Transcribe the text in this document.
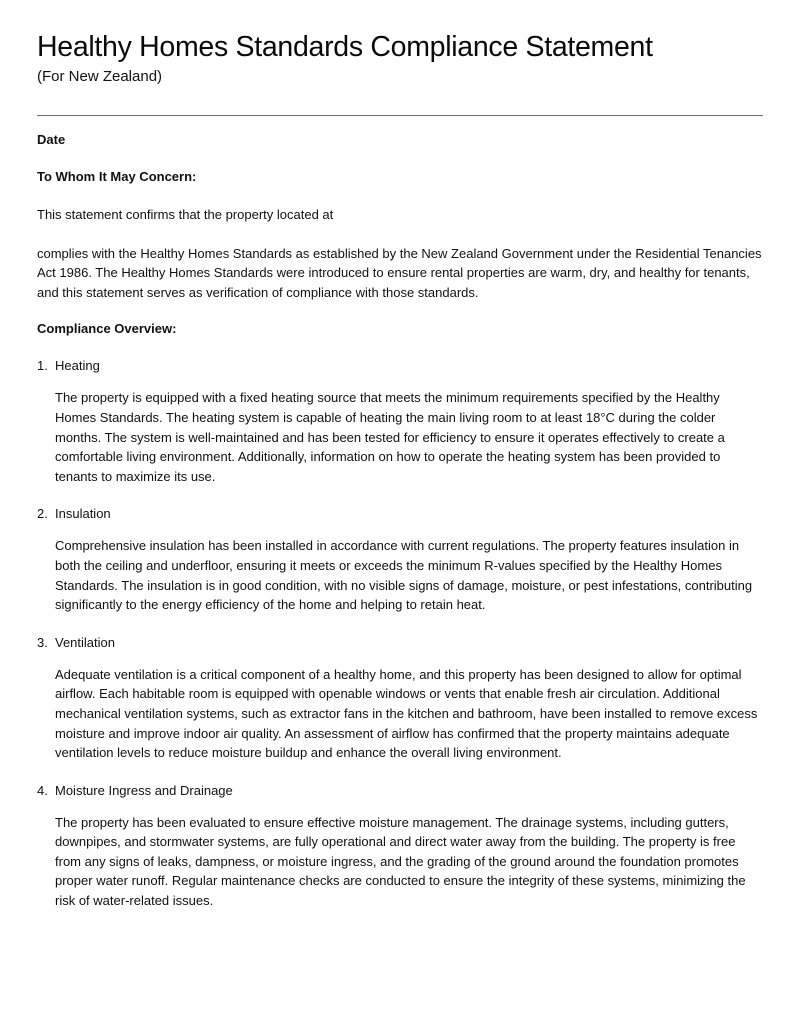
Healthy Homes Standards Compliance Statement

(For New Zealand)

Date

To Whom It May Concern:

This statement confirms that the property located at

complies with the Healthy Homes Standards as established by the New Zealand Government under the Residential Tenancies Act 1986. The Healthy Homes Standards were introduced to ensure rental properties are warm, dry, and healthy for tenants, and this statement serves as verification of compliance with those standards.

Compliance Overview:

1. Heating

The property is equipped with a fixed heating source that meets the minimum requirements specified by the Healthy Homes Standards. The heating system is capable of heating the main living room to at least 18°C during the colder months. The system is well-maintained and has been tested for efficiency to ensure it operates effectively to create a comfortable living environment. Additionally, information on how to operate the heating system has been provided to tenants to maximize its use.

2. Insulation

Comprehensive insulation has been installed in accordance with current regulations. The property features insulation in both the ceiling and underfloor, ensuring it meets or exceeds the minimum R-values specified by the Healthy Homes Standards. The insulation is in good condition, with no visible signs of damage, moisture, or pest infestations, contributing significantly to the energy efficiency of the home and helping to retain heat.

3. Ventilation

Adequate ventilation is a critical component of a healthy home, and this property has been designed to allow for optimal airflow. Each habitable room is equipped with openable windows or vents that enable fresh air circulation. Additional mechanical ventilation systems, such as extractor fans in the kitchen and bathroom, have been installed to remove excess moisture and improve indoor air quality. An assessment of airflow has confirmed that the property maintains adequate ventilation levels to reduce moisture buildup and enhance the overall living environment.

4. Moisture Ingress and Drainage

The property has been evaluated to ensure effective moisture management. The drainage systems, including gutters, downpipes, and stormwater systems, are fully operational and direct water away from the building. The property is free from any signs of leaks, dampness, or moisture ingress, and the grading of the ground around the foundation promotes proper water runoff. Regular maintenance checks are conducted to ensure the integrity of these systems, minimizing the risk of water-related issues.
